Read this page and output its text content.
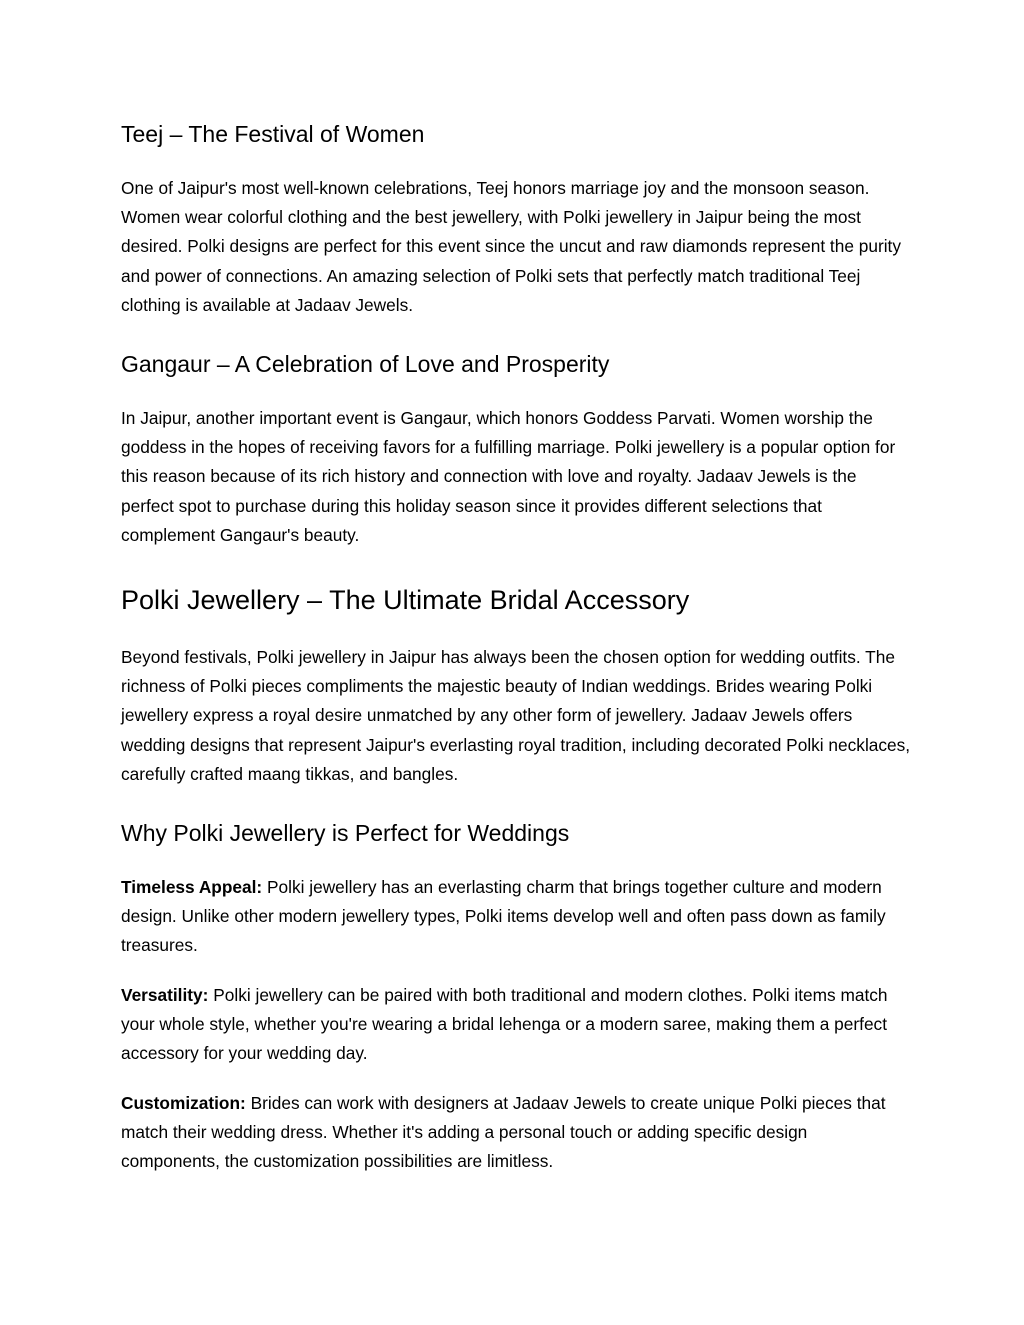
Teej – The Festival of Women

One of Jaipur's most well-known celebrations, Teej honors marriage joy and the monsoon season. Women wear colorful clothing and the best jewellery, with Polki jewellery in Jaipur being the most desired. Polki designs are perfect for this event since the uncut and raw diamonds represent the purity and power of connections. An amazing selection of Polki sets that perfectly match traditional Teej clothing is available at Jadaav Jewels.

Gangaur – A Celebration of Love and Prosperity

In Jaipur, another important event is Gangaur, which honors Goddess Parvati. Women worship the goddess in the hopes of receiving favors for a fulfilling marriage. Polki jewellery is a popular option for this reason because of its rich history and connection with love and royalty. Jadaav Jewels is the perfect spot to purchase during this holiday season since it provides different selections that complement Gangaur's beauty.

Polki Jewellery – The Ultimate Bridal Accessory

Beyond festivals, Polki jewellery in Jaipur has always been the chosen option for wedding outfits. The richness of Polki pieces compliments the majestic beauty of Indian weddings. Brides wearing Polki jewellery express a royal desire unmatched by any other form of jewellery. Jadaav Jewels offers wedding designs that represent Jaipur's everlasting royal tradition, including decorated Polki necklaces, carefully crafted maang tikkas, and bangles.

Why Polki Jewellery is Perfect for Weddings

Timeless Appeal: Polki jewellery has an everlasting charm that brings together culture and modern design. Unlike other modern jewellery types, Polki items develop well and often pass down as family treasures.

Versatility: Polki jewellery can be paired with both traditional and modern clothes. Polki items match your whole style, whether you're wearing a bridal lehenga or a modern saree, making them a perfect accessory for your wedding day.

Customization: Brides can work with designers at Jadaav Jewels to create unique Polki pieces that match their wedding dress. Whether it's adding a personal touch or adding specific design components, the customization possibilities are limitless.
